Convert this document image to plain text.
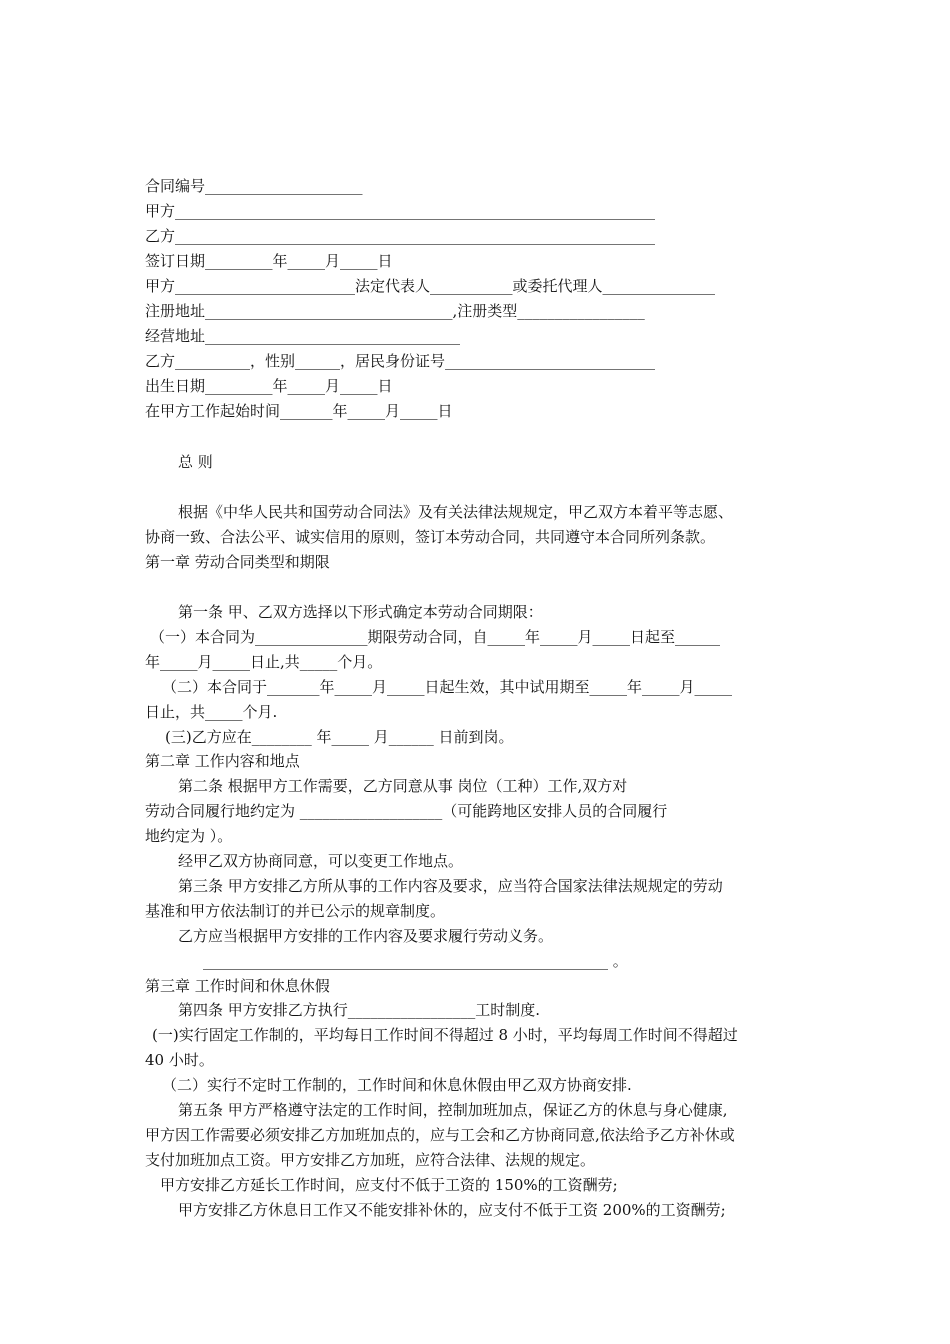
合同编号_____________________
甲方________________________________________________________________
乙方________________________________________________________________
签订日期_________年_____月_____日
甲方________________________法定代表人___________或委托代理人_______________
注册地址_________________________________,注册类型_________________
经营地址__________________________________
乙方__________，性别______，居民身份证号____________________________
出生日期_________年_____月_____日
在甲方工作起始时间_______年_____月_____日
总 则
根据《中华人民共和国劳动合同法》及有关法律法规规定，甲乙双方本着平等志愿、
协商一致、合法公平、诚实信用的原则，签订本劳动合同，共同遵守本合同所列条款。
第一章 劳动合同类型和期限
第一条 甲、乙双方选择以下形式确定本劳动合同期限：
（一）本合同为_______________期限劳动合同，自_____年_____月_____日起至______
年_____月_____日止,共_____个月。
（二）本合同于_______年_____月_____日起生效，其中试用期至_____年_____月_____
日止，共_____个月.
(三)乙方应在________ 年_____ 月______ 日前到岗。
第二章 工作内容和地点
第二条 根据甲方工作需要，乙方同意从事 岗位（工种）工作,双方对
劳动合同履行地约定为 ___________________（可能跨地区安排人员的合同履行
地约定为 ）。
经甲乙双方协商同意，可以变更工作地点。
第三条 甲方安排乙方所从事的工作内容及要求，应当符合国家法律法规规定的劳动
基准和甲方依法制订的并已公示的规章制度。
乙方应当根据甲方安排的工作内容及要求履行劳动义务。
______________________________________________________ 。
第三章 工作时间和休息休假
第四条 甲方安排乙方执行_________________工时制度.
(一)实行固定工作制的，平均每日工作时间不得超过 8 小时，平均每周工作时间不得超过
40 小时。
（二）实行不定时工作制的，工作时间和休息休假由甲乙双方协商安排.
第五条 甲方严格遵守法定的工作时间，控制加班加点，保证乙方的休息与身心健康,
甲方因工作需要必须安排乙方加班加点的，应与工会和乙方协商同意,依法给予乙方补休或
支付加班加点工资。甲方安排乙方加班，应符合法律、法规的规定。
甲方安排乙方延长工作时间，应支付不低于工资的 150%的工资酬劳;
甲方安排乙方休息日工作又不能安排补休的，应支付不低于工资 200%的工资酬劳;
